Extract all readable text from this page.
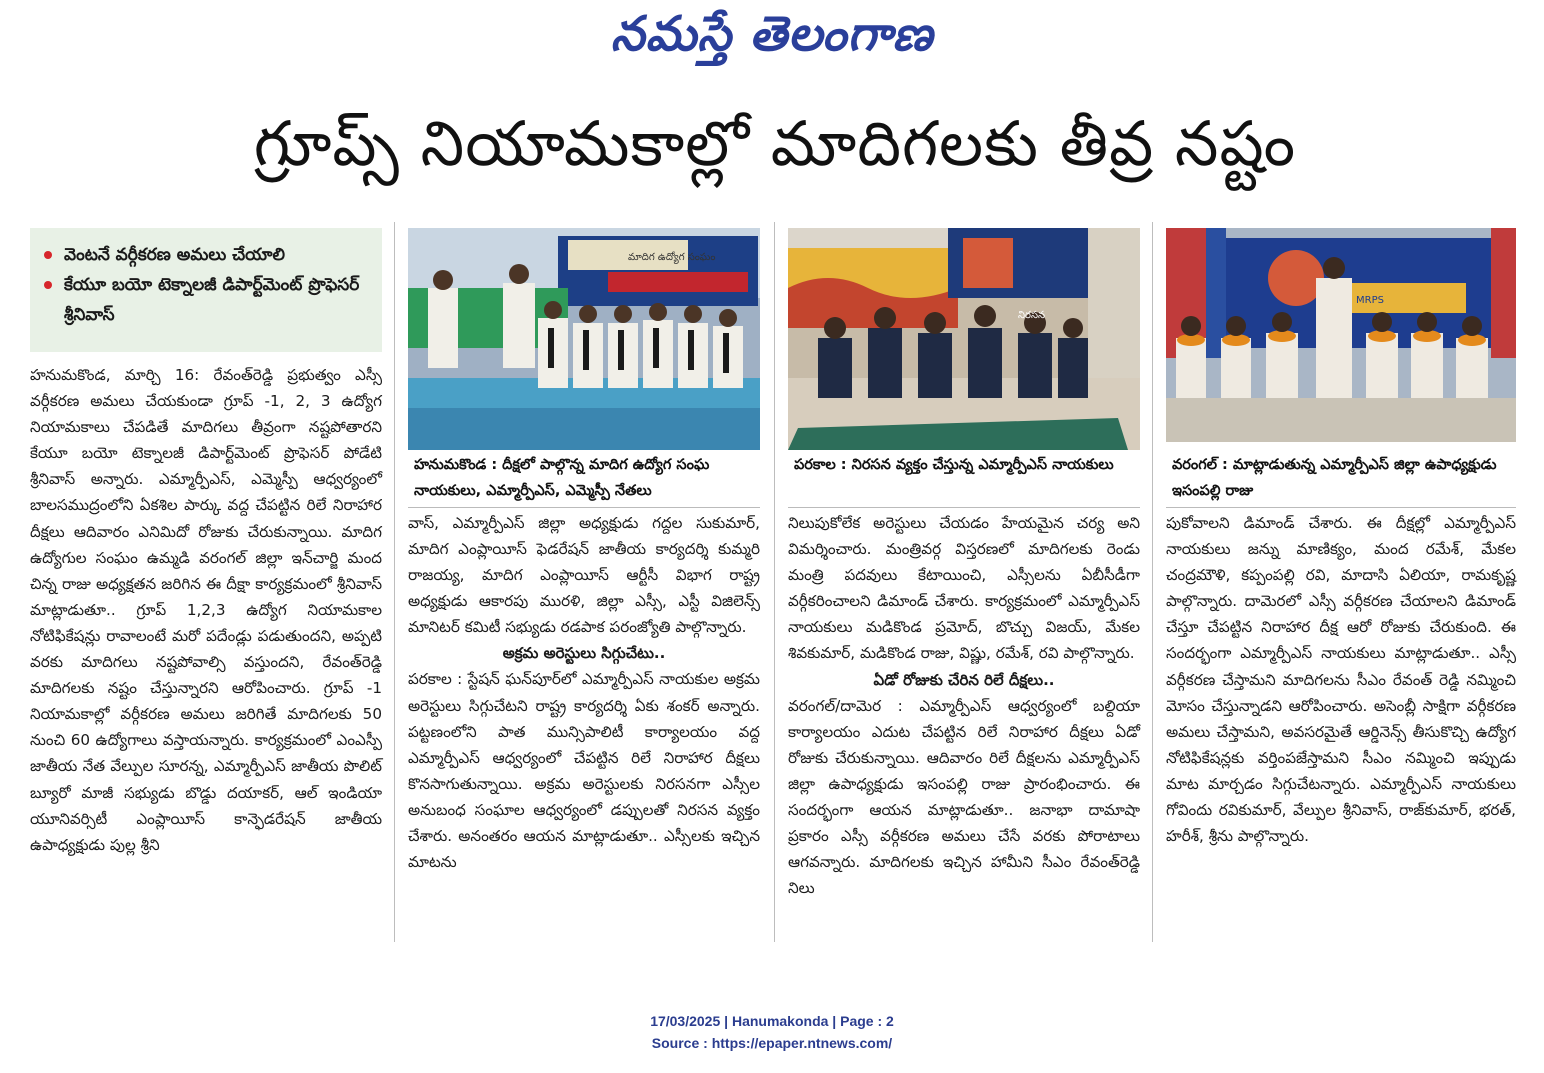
నమస్తే తెలంగాణ
గ్రూప్స్ నియామకాల్లో మాదిగలకు తీవ్ర నష్టం
వెంటనే వర్గీకరణ అమలు చేయాలి
కేయూ బయో టెక్నాలజీ డిపార్ట్‌మెంట్ ప్రొఫెసర్ శ్రీనివాస్
మాదిగ ఉద్యోగ సంఘం
హనుమకొండ : దీక్షలో పాల్గొన్న మాదిగ ఉద్యోగ సంఘ నాయకులు, ఎమ్మార్పీఎస్, ఎమ్మెస్పీ నేతలు
నిరసన
పరకాల : నిరసన వ్యక్తం చేస్తున్న ఎమ్మార్పీఎస్ నాయకులు
MRPS
వరంగల్ : మాట్లాడుతున్న ఎమ్మార్పీఎస్ జిల్లా ఉపాధ్యక్షుడు ఇసంపల్లి రాజు

హనుమకొండ, మార్చి 16: రేవంత్‌రెడ్డి ప్రభుత్వం ఎస్సీ వర్గీకరణ అమలు చేయకుండా గ్రూప్ -1, 2, 3 ఉద్యోగ నియామకాలు చేపడితే మాదిగలు తీవ్రంగా నష్టపోతారని కేయూ బయో టెక్నాలజీ డిపార్ట్‌మెంట్ ప్రొఫెసర్ పోడేటి శ్రీనివాస్ అన్నారు. ఎమ్మార్పీఎస్, ఎమ్మెస్పీ ఆధ్వర్యంలో బాలసముద్రంలోని ఏకశిల పార్కు వద్ద చేపట్టిన రిలే నిరాహార దీక్షలు ఆదివారం ఎనిమిదో రోజుకు చేరుకున్నాయి. మాదిగ ఉద్యోగుల సంఘం ఉమ్మడి వరంగల్ జిల్లా ఇన్‌చార్జి మంద చిన్న రాజు అధ్యక్షతన జరిగిన ఈ దీక్షా కార్యక్రమంలో శ్రీనివాస్ మాట్లాడుతూ.. గ్రూప్ 1,2,3 ఉద్యోగ నియామకాల నోటిఫికేషన్లు రావాలంటే మరో పదేండ్లు పడుతుందని, అప్పటి వరకు మాదిగలు నష్టపోవాల్సి వస్తుందని, రేవంత్‌రెడ్డి మాదిగలకు నష్టం చేస్తున్నారని ఆరోపించారు. గ్రూప్ -1 నియామకాల్లో వర్గీకరణ అమలు జరిగితే మాదిగలకు 50 నుంచి 60 ఉద్యోగాలు వస్తాయన్నారు. కార్యక్రమంలో ఎంఎస్పీ జాతీయ నేత వేల్పుల సూరన్న, ఎమ్మార్పీఎస్ జాతీయ పొలిట్ బ్యూరో మాజీ సభ్యుడు బొడ్డు దయాకర్, ఆల్ ఇండియా యూనివర్సిటీ ఎంప్లాయీస్ కాన్ఫెడరేషన్ జాతీయ ఉపాధ్యక్షుడు పుల్ల శ్రీని

వాస్, ఎమ్మార్పీఎస్ జిల్లా అధ్యక్షుడు గద్దల సుకుమార్, మాదిగ ఎంప్లాయీస్ ఫెడరేషన్ జాతీయ కార్యదర్శి కుమ్మరి రాజయ్య, మాదిగ ఎంప్లాయీస్ ఆర్టీసీ విభాగ రాష్ట్ర అధ్యక్షుడు ఆకారపు మురళి, జిల్లా ఎస్సీ, ఎస్టీ విజిలెన్స్ మానిటర్ కమిటీ సభ్యుడు రడపాక పరంజ్యోతి పాల్గొన్నారు.

అక్రమ అరెస్టులు సిగ్గుచేటు..

పరకాల : స్టేషన్ ఘన్‌పూర్‌లో ఎమ్మార్పీఎస్ నాయకుల అక్రమ అరెస్టులు సిగ్గుచేటని రాష్ట్ర కార్యదర్శి ఏకు శంకర్ అన్నారు. పట్టణంలోని పాత మున్సిపాలిటీ కార్యాలయం వద్ద ఎమ్మార్పీఎస్ ఆధ్వర్యంలో చేపట్టిన రిలే నిరాహార దీక్షలు కొనసాగుతున్నాయి. అక్రమ అరెస్టులకు నిరసనగా ఎస్సీల అనుబంధ సంఘాల ఆధ్వర్యంలో డప్పులతో నిరసన వ్యక్తం చేశారు. అనంతరం ఆయన మాట్లాడుతూ.. ఎస్సీలకు ఇచ్చిన మాటను

నిలుపుకోలేక అరెస్టులు చేయడం హేయమైన చర్య అని విమర్శించారు. మంత్రివర్గ విస్తరణలో మాదిగలకు రెండు మంత్రి పదవులు కేటాయించి, ఎస్సీలను ఏబీసీడీగా వర్గీకరించాలని డిమాండ్ చేశారు. కార్యక్రమంలో ఎమ్మార్పీఎస్ నాయకులు మడికొండ ప్రమోద్, బొచ్చు విజయ్, మేకల శివకుమార్, మడికొండ రాజు, విష్ణు, రమేశ్, రవి పాల్గొన్నారు.

ఏడో రోజుకు చేరిన రిలే దీక్షలు..

వరంగల్/దామెర : ఎమ్మార్పీఎస్ ఆధ్వర్యంలో బల్దియా కార్యాలయం ఎదుట చేపట్టిన రిలే నిరాహార దీక్షలు ఏడో రోజుకు చేరుకున్నాయి. ఆదివారం రిలే దీక్షలను ఎమ్మార్పీఎస్ జిల్లా ఉపాధ్యక్షుడు ఇసంపల్లి రాజు ప్రారంభించారు. ఈ సందర్భంగా ఆయన మాట్లాడుతూ.. జనాభా దామాషా ప్రకారం ఎస్సీ వర్గీకరణ అమలు చేసే వరకు పోరాటాలు ఆగవన్నారు. మాదిగలకు ఇచ్చిన హామీని సీఎం రేవంత్‌రెడ్డి నిలు

పుకోవాలని డిమాండ్ చేశారు. ఈ దీక్షల్లో ఎమ్మార్పీఎస్ నాయకులు జన్ను మాణిక్యం, మంద రమేశ్, మేకల చంద్రమౌళి, కప్పంపల్లి రవి, మాదాసి ఏలియా, రామకృష్ణ పాల్గొన్నారు. దామెరలో ఎస్సీ వర్గీకరణ చేయాలని డిమాండ్ చేస్తూ చేపట్టిన నిరాహార దీక్ష ఆరో రోజుకు చేరుకుంది. ఈ సందర్భంగా ఎమ్మార్పీఎస్ నాయకులు మాట్లాడుతూ.. ఎస్సీ వర్గీకరణ చేస్తామని మాదిగలను సీఎం రేవంత్ రెడ్డి నమ్మించి మోసం చేస్తున్నాడని ఆరోపించారు. అసెంబ్లీ సాక్షిగా వర్గీకరణ అమలు చేస్తామని, అవసరమైతే ఆర్డినెన్స్ తీసుకొచ్చి ఉద్యోగ నోటిఫికేషన్లకు వర్తింపజేస్తామని సీఎం నమ్మించి ఇప్పుడు మాట మార్చడం సిగ్గుచేటన్నారు. ఎమ్మార్పీఎస్ నాయకులు గోవిందు రవికుమార్, వేల్పుల శ్రీనివాస్, రాజ్‌కుమార్, భరత్, హరీశ్, శ్రీను పాల్గొన్నారు.

17/03/2025 | Hanumakonda | Page : 2
Source : https://epaper.ntnews.com/
